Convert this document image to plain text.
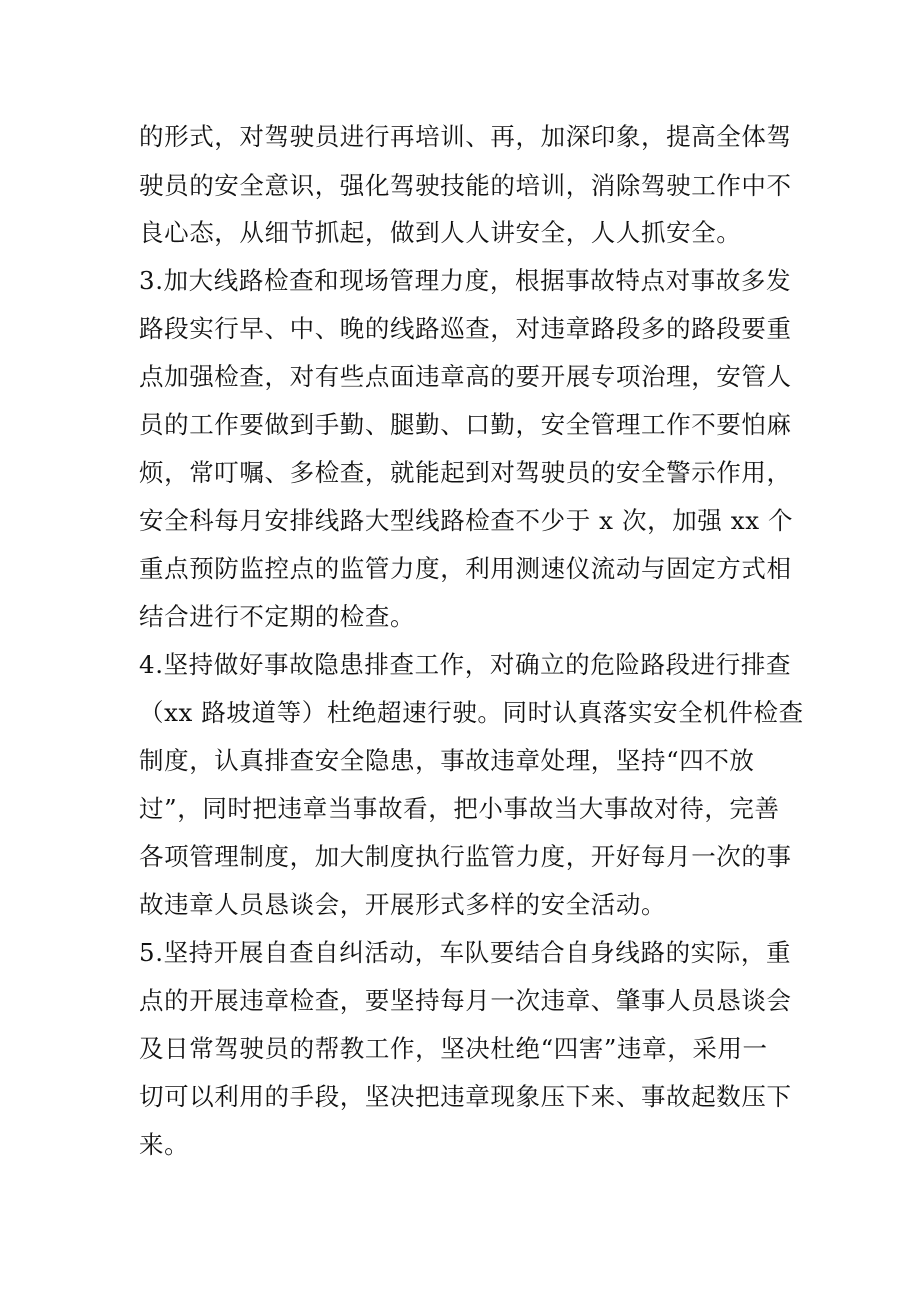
的形式，对驾驶员进行再培训、再，加深印象，提高全体驾

驶员的安全意识，强化驾驶技能的培训，消除驾驶工作中不

良心态，从细节抓起，做到人人讲安全，人人抓安全。

3.加大线路检查和现场管理力度，根据事故特点对事故多发

路段实行早、中、晚的线路巡查，对违章路段多的路段要重

点加强检查，对有些点面违章高的要开展专项治理，安管人

员的工作要做到手勤、腿勤、口勤，安全管理工作不要怕麻

烦，常叮嘱、多检查，就能起到对驾驶员的安全警示作用，

安全科每月安排线路大型线路检查不少于 x 次，加强 xx 个

重点预防监控点的监管力度，利用测速仪流动与固定方式相

结合进行不定期的检查。

4.坚持做好事故隐患排查工作，对确立的危险路段进行排查

（xx 路坡道等）杜绝超速行驶。同时认真落实安全机件检查

制度，认真排查安全隐患，事故违章处理，坚持“四不放

过”，同时把违章当事故看，把小事故当大事故对待，完善

各项管理制度，加大制度执行监管力度，开好每月一次的事

故违章人员恳谈会，开展形式多样的安全活动。

5.坚持开展自查自纠活动，车队要结合自身线路的实际，重

点的开展违章检查，要坚持每月一次违章、肇事人员恳谈会

及日常驾驶员的帮教工作，坚决杜绝“四害”违章，采用一

切可以利用的手段，坚决把违章现象压下来、事故起数压下

来。
